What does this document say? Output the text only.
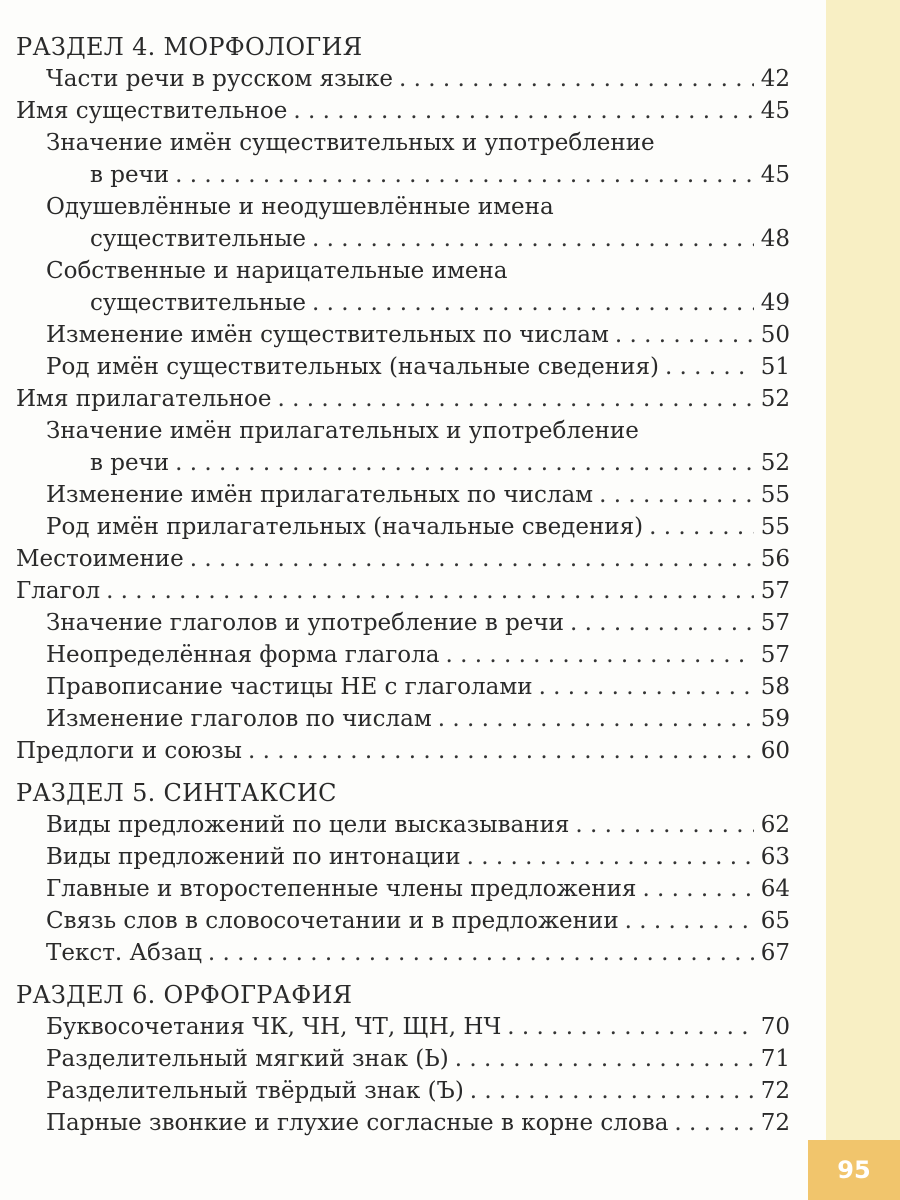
РАЗДЕЛ 4. МОРФОЛОГИЯ
Части речи в русском языке . . .	42
Имя существительное . . .	45
Значение имён существительных и употребление
в речи . . .	45
Одушевлённые и неодушевлённые имена
существительные . . .	48
Собственные и нарицательные имена
существительные . . .	49
Изменение имён существительных по числам . . .	50
Род имён существительных (начальные сведения) . . .	51
Имя прилагательное . . .	52
Значение имён прилагательных и употребление
в речи . . .	52
Изменение имён прилагательных по числам . . .	55
Род имён прилагательных (начальные сведения) . . .	55
Местоимение . . .	56
Глагол . . .	57
Значение глаголов и употребление в речи . . .	57
Неопределённая форма глагола . . .	57
Правописание частицы НЕ с глаголами . . .	58
Изменение глаголов по числам . . .	59
Предлоги и союзы . . .	60
РАЗДЕЛ 5. СИНТАКСИС
Виды предложений по цели высказывания . . .	62
Виды предложений по интонации . . .	63
Главные и второстепенные члены предложения . . .	64
Связь слов в словосочетании и в предложении . . .	65
Текст. Абзац . . .	67
РАЗДЕЛ 6. ОРФОГРАФИЯ
Буквосочетания ЧК, ЧН, ЧТ, ЩН, НЧ . . .	70
Разделительный мягкий знак (Ь) . . .	71
Разделительный твёрдый знак (Ъ) . . .	72
Парные звонкие и глухие согласные в корне слова . . .	72
95
